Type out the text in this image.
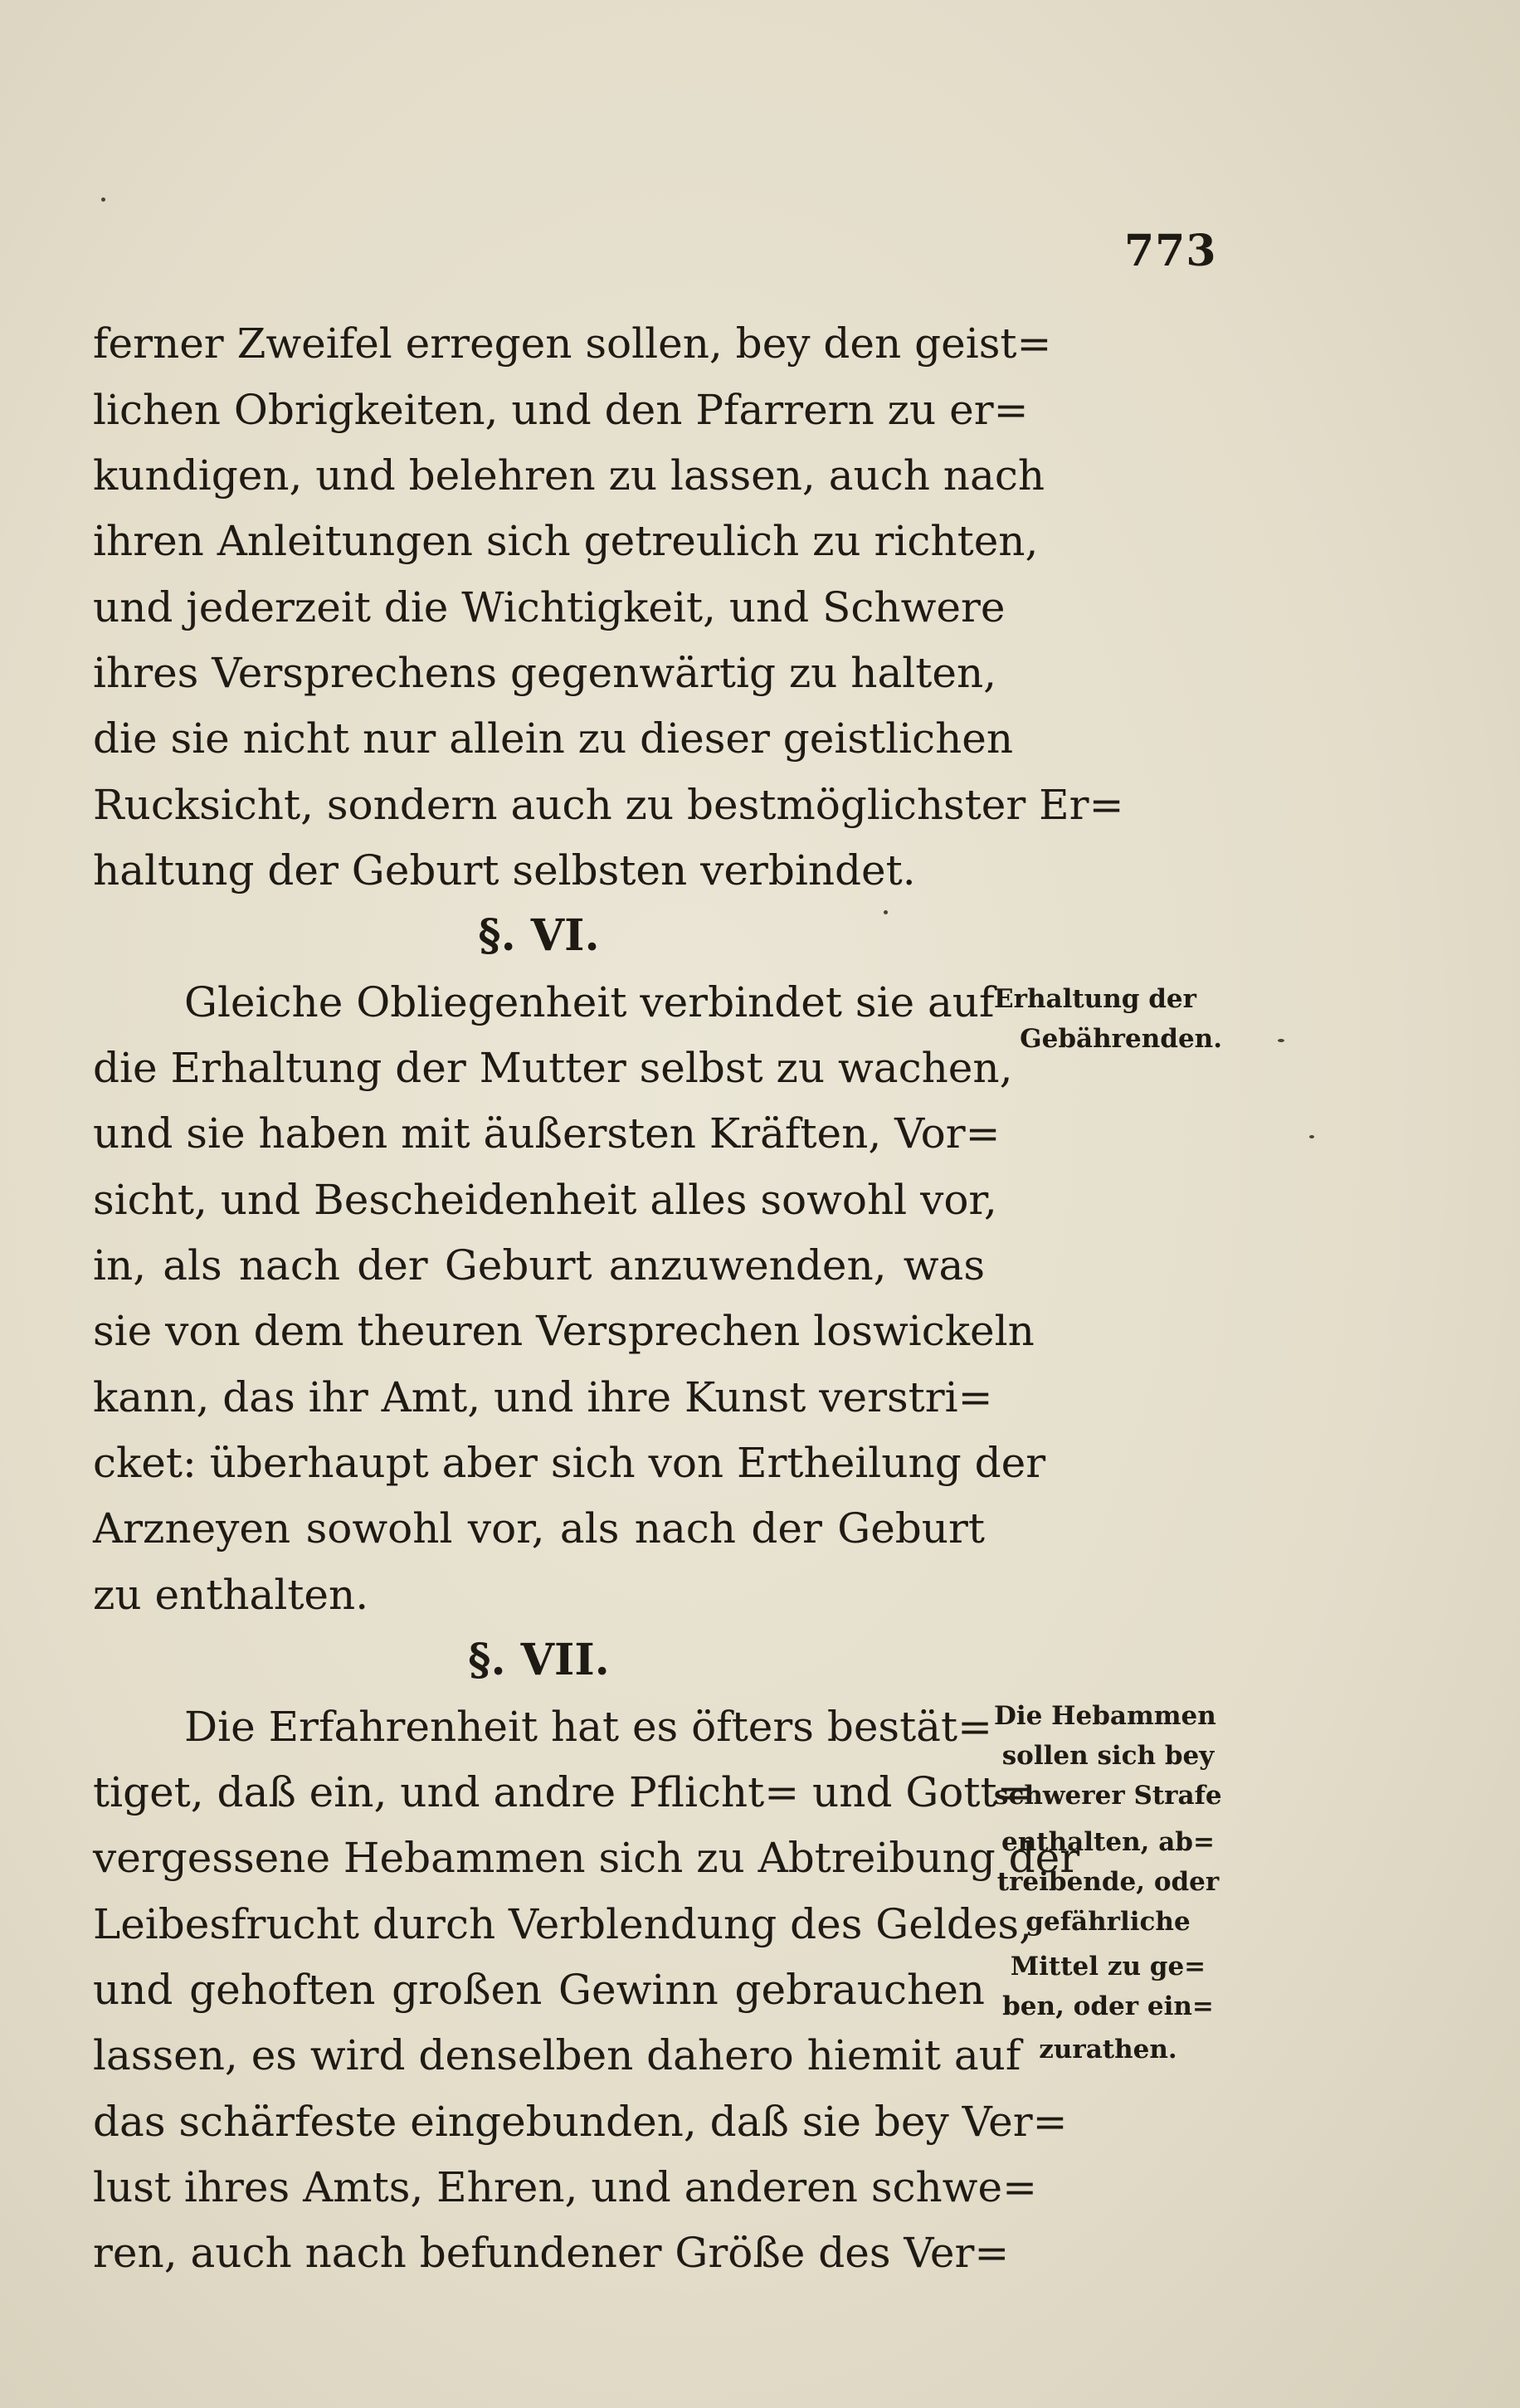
773
ferner Zweifel erregen sollen, bey den geist=
lichen Obrigkeiten, und den Pfarrern zu er=
kundigen, und belehren zu lassen, auch nach
ihren Anleitungen sich getreulich zu richten,
und jederzeit die Wichtigkeit, und Schwere
ihres Versprechens gegenwärtig zu halten,
die sie nicht nur allein zu dieser geistlichen
Rucksicht, sondern auch zu bestmöglichster Er=
haltung der Geburt selbsten verbindet.
§. VI.
Gleiche Obliegenheit verbindet sie auf
die Erhaltung der Mutter selbst zu wachen,
und sie haben mit äußersten Kräften, Vor=
sicht, und Bescheidenheit alles sowohl vor,
in, als nach der Geburt anzuwenden, was
sie von dem theuren Versprechen loswickeln
kann, das ihr Amt, und ihre Kunst verstri=
cket: überhaupt aber sich von Ertheilung der
Arzneyen sowohl vor, als nach der Geburt
zu enthalten.
Erhaltung der
Gebährenden.
§. VII.
Die Erfahrenheit hat es öfters bestät=
tiget, daß ein, und andre Pflicht= und Gott=
vergessene Hebammen sich zu Abtreibung der
Leibesfrucht durch Verblendung des Geldes,
und gehoften großen Gewinn gebrauchen
lassen, es wird denselben dahero hiemit auf
das schärfeste eingebunden, daß sie bey Ver=
lust ihres Amts, Ehren, und anderen schwe=
ren, auch nach befundener Größe des Ver=
Die Hebammen
sollen sich bey
schwerer Strafe
enthalten, ab=
treibende, oder
gefährliche
Mittel zu ge=
ben, oder ein=
zurathen.
